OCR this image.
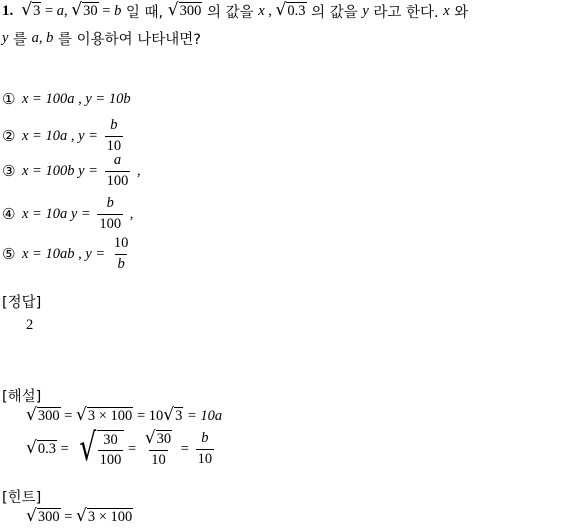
1. √ 3 = a , √ 30 = b 일 때, √ 300 의 값을 x , √ 0.3 의 값을 y 라고 한다. x 와
y 를 a, b 를 이용하여 나타내면?
① x = 100a , y = 10b
② x = 10a , $y = \frac{b}{10}$
③ x = 100b $y = \frac{a}{100}$ ,
④ x = 10a $y = \frac{b}{100}$ ,
⑤ x = 10ab , $y = \frac{10}{b}$
[정답]
2
[해설]
√ 300 = √ 3 × 100 = 10 √ 3 = 10a
√ 0.3 = √ $\frac{30}{100} = \frac{√ 30}{10} = \frac{b}{10}$
[힌트]
√ 300 = √ 3 × 100
